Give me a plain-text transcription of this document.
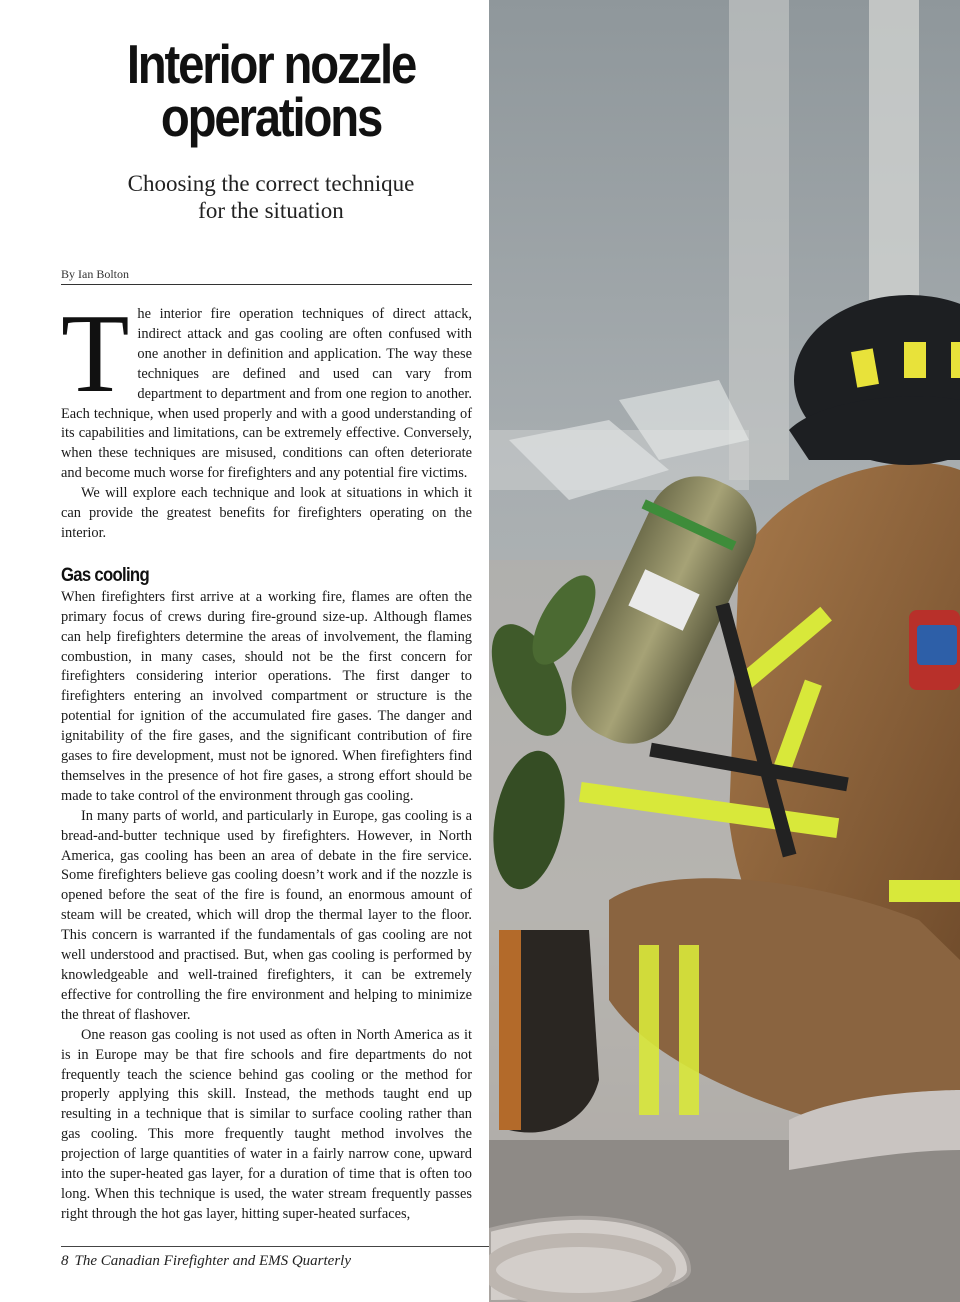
Interior nozzle operations
Choosing the correct technique
for the situation
By Ian Bolton

The interior fire operation techniques of direct attack, indirect attack and gas cooling are often confused with one another in definition and application. The way these techniques are defined and used can vary from department to department and from one region to another. Each technique, when used properly and with a good understanding of its capabilities and limitations, can be extremely effective. Conversely, when these techniques are misused, conditions can often deteriorate and become much worse for firefighters and any potential fire victims.

We will explore each technique and look at situations in which it can provide the greatest benefits for firefighters operating on the interior.

Gas cooling

When firefighters first arrive at a working fire, flames are often the primary focus of crews during fire-ground size-up. Although flames can help firefighters determine the areas of involvement, the flaming combustion, in many cases, should not be the first concern for firefighters considering interior operations. The first danger to firefighters entering an involved compartment or structure is the potential for ignition of the accumulated fire gases. The danger and ignitability of the fire gases, and the significant contribution of fire gases to fire development, must not be ignored. When firefighters find themselves in the presence of hot fire gases, a strong effort should be made to take control of the environment through gas cooling.

In many parts of world, and particularly in Europe, gas cooling is a bread-and-butter technique used by firefighters. However, in North America, gas cooling has been an area of debate in the fire service. Some firefighters believe gas cooling doesn’t work and if the nozzle is opened before the seat of the fire is found, an enormous amount of steam will be created, which will drop the thermal layer to the floor. This concern is warranted if the fundamentals of gas cooling are not well understood and practised. But, when gas cooling is performed by knowledgeable and well-trained firefighters, it can be extremely effective for controlling the fire environment and helping to minimize the threat of flashover.

One reason gas cooling is not used as often in North America as it is in Europe may be that fire schools and fire departments do not frequently teach the science behind gas cooling or the method for properly applying this skill. Instead, the methods taught end up resulting in a technique that is similar to surface cooling rather than gas cooling. This more frequently taught method involves the projection of large quantities of water in a fairly narrow cone, upward into the super-heated gas layer, for a duration of time that is often too long. When this technique is used, the water stream frequently passes right through the hot gas layer, hitting super-heated surfaces,

8 The Canadian Firefighter and EMS Quarterly
